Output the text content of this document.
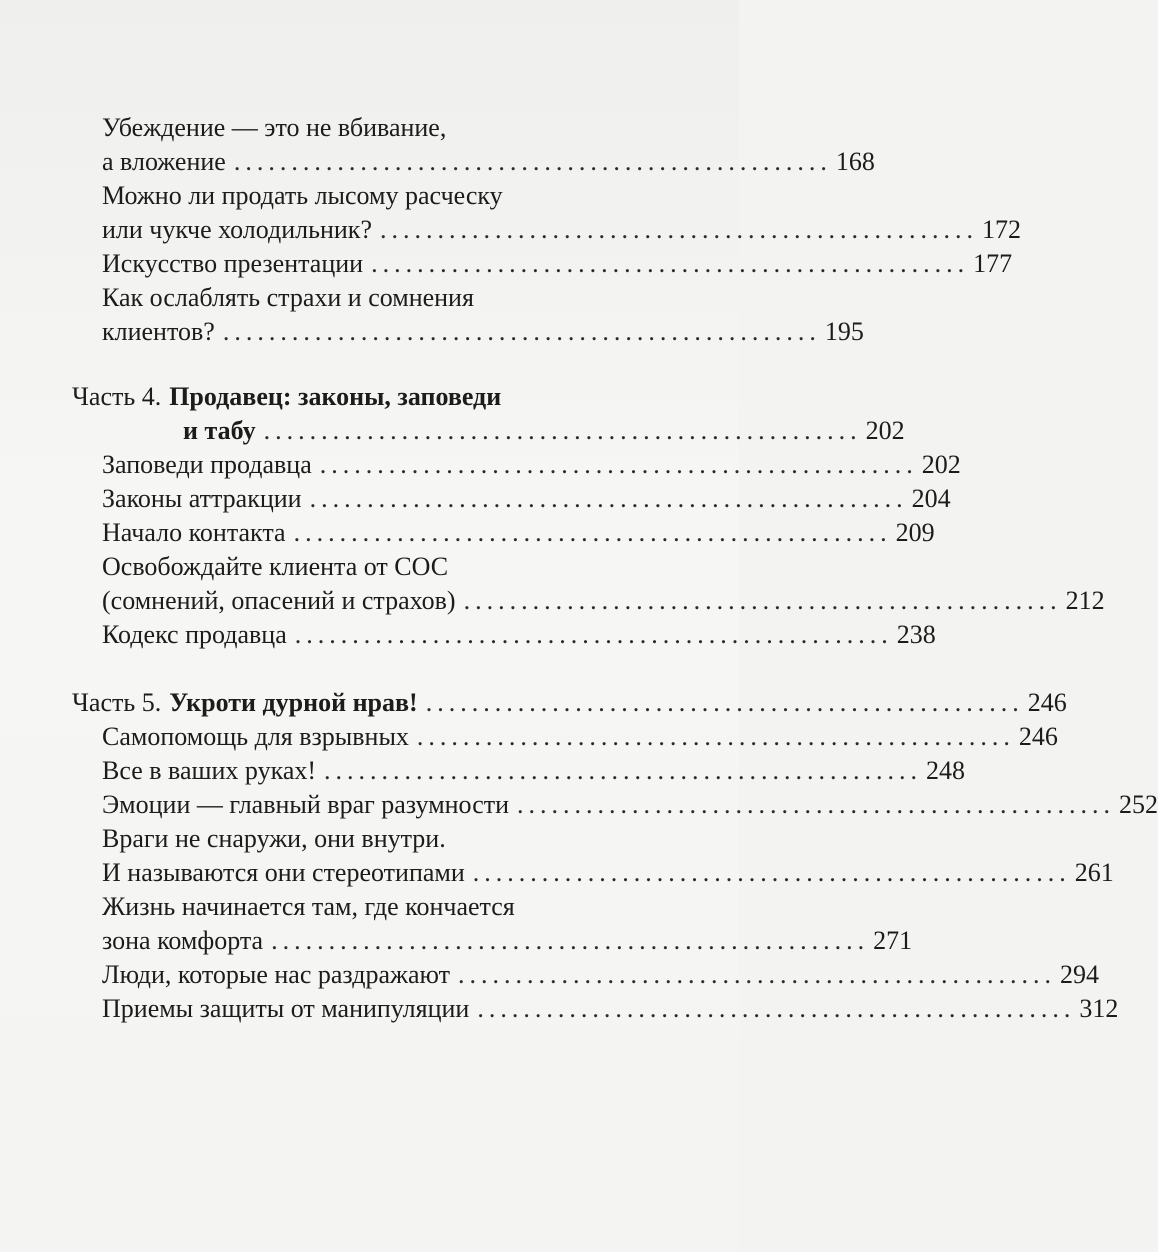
Убеждение — это не вбивание,
а вложение .................................................... 168
Можно ли продать лысому расческу
или чукче холодильник? .................................................... 172
Искусство презентации .................................................... 177
Как ослаблять страхи и сомнения
клиентов? .................................................... 195
Часть 4. Продавец: законы, заповеди
и табу .................................................... 202
Заповеди продавца .................................................... 202
Законы аттракции .................................................... 204
Начало контакта .................................................... 209
Освобождайте клиента от СОС
(сомнений, опасений и страхов) .................................................... 212
Кодекс продавца .................................................... 238
Часть 5. Укроти дурной нрав! .................................................... 246
Самопомощь для взрывных .................................................... 246
Все в ваших руках! .................................................... 248
Эмоции — главный враг разумности .................................................... 252
Враги не снаружи, они внутри.
И называются они стереотипами .................................................... 261
Жизнь начинается там, где кончается
зона комфорта .................................................... 271
Люди, которые нас раздражают .................................................... 294
Приемы защиты от манипуляции .................................................... 312
